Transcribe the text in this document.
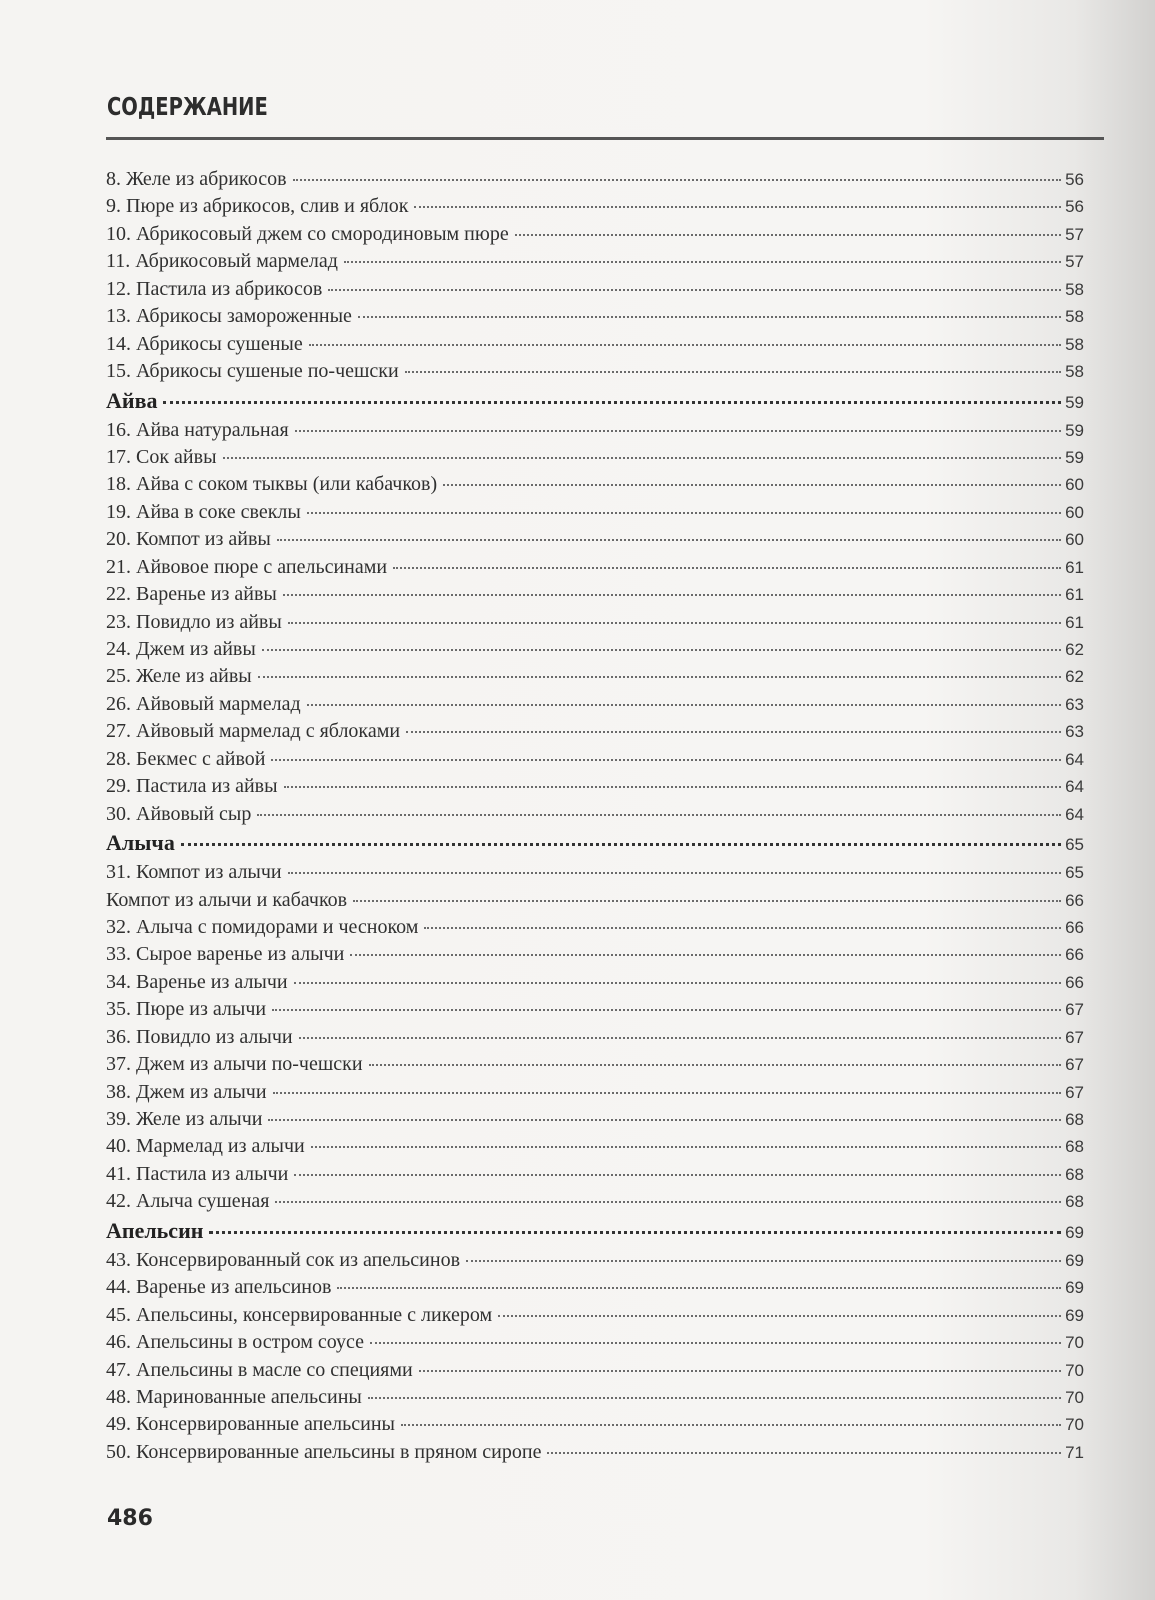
СОДЕРЖАНИЕ
8. Желе из абрикосов	56
9. Пюре из абрикосов, слив и яблок	56
10. Абрикосовый джем со смородиновым пюре	57
11. Абрикосовый мармелад	57
12. Пастила из абрикосов	58
13. Абрикосы замороженные	58
14. Абрикосы сушеные	58
15. Абрикосы сушеные по-чешски	58
Айва	59
16. Айва натуральная	59
17. Сок айвы	59
18. Айва с соком тыквы (или кабачков)	60
19. Айва в соке свеклы	60
20. Компот из айвы	60
21. Айвовое пюре с апельсинами	61
22. Варенье из айвы	61
23. Повидло из айвы	61
24. Джем из айвы	62
25. Желе из айвы	62
26. Айвовый мармелад	63
27. Айвовый мармелад с яблоками	63
28. Бекмес с айвой	64
29. Пастила из айвы	64
30. Айвовый сыр	64
Алыча	65
31. Компот из алычи	65
Компот из алычи и кабачков	66
32. Алыча с помидорами и чесноком	66
33. Сырое варенье из алычи	66
34. Варенье из алычи	66
35. Пюре из алычи	67
36. Повидло из алычи	67
37. Джем из алычи по-чешски	67
38. Джем из алычи	67
39. Желе из алычи	68
40. Мармелад из алычи	68
41. Пастила из алычи	68
42. Алыча сушеная	68
Апельсин	69
43. Консервированный сок из апельсинов	69
44. Варенье из апельсинов	69
45. Апельсины, консервированные с ликером	69
46. Апельсины в остром соусе	70
47. Апельсины в масле со специями	70
48. Маринованные апельсины	70
49. Консервированные апельсины	70
50. Консервированные апельсины в пряном сиропе	71
486
